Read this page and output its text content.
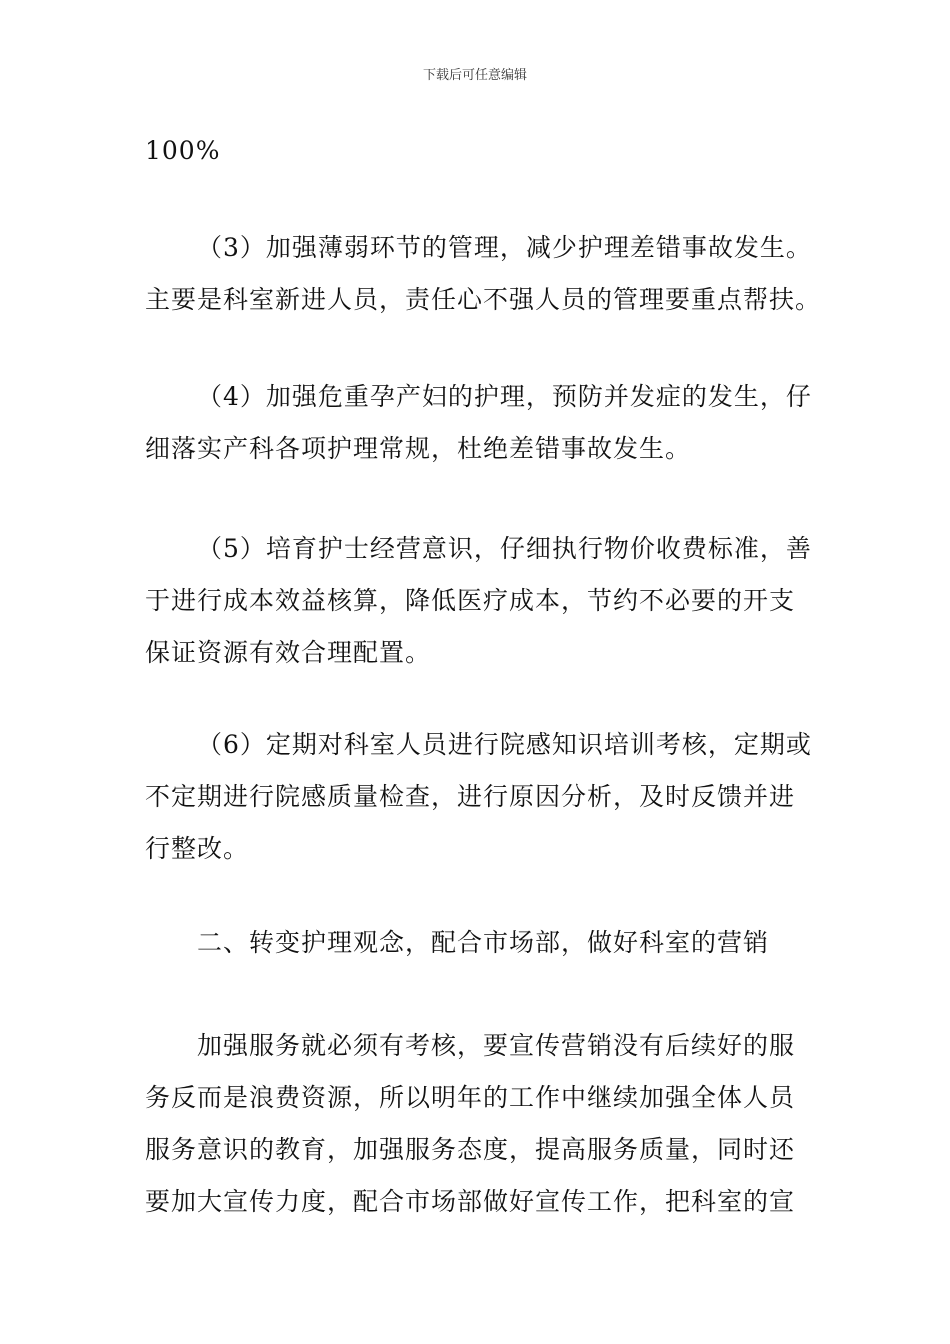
下载后可任意编辑
100%
（3）加强薄弱环节的管理，减少护理差错事故发生。
主要是科室新进人员，责任心不强人员的管理要重点帮扶。
（4）加强危重孕产妇的护理，预防并发症的发生，仔
细落实产科各项护理常规，杜绝差错事故发生。
（5）培育护士经营意识，仔细执行物价收费标准，善
于进行成本效益核算，降低医疗成本，节约不必要的开支
保证资源有效合理配置。
（6）定期对科室人员进行院感知识培训考核，定期或
不定期进行院感质量检查，进行原因分析，及时反馈并进
行整改。
二、转变护理观念，配合市场部，做好科室的营销
加强服务就必须有考核，要宣传营销没有后续好的服
务反而是浪费资源，所以明年的工作中继续加强全体人员
服务意识的教育，加强服务态度，提高服务质量，同时还
要加大宣传力度，配合市场部做好宣传工作，把科室的宣
